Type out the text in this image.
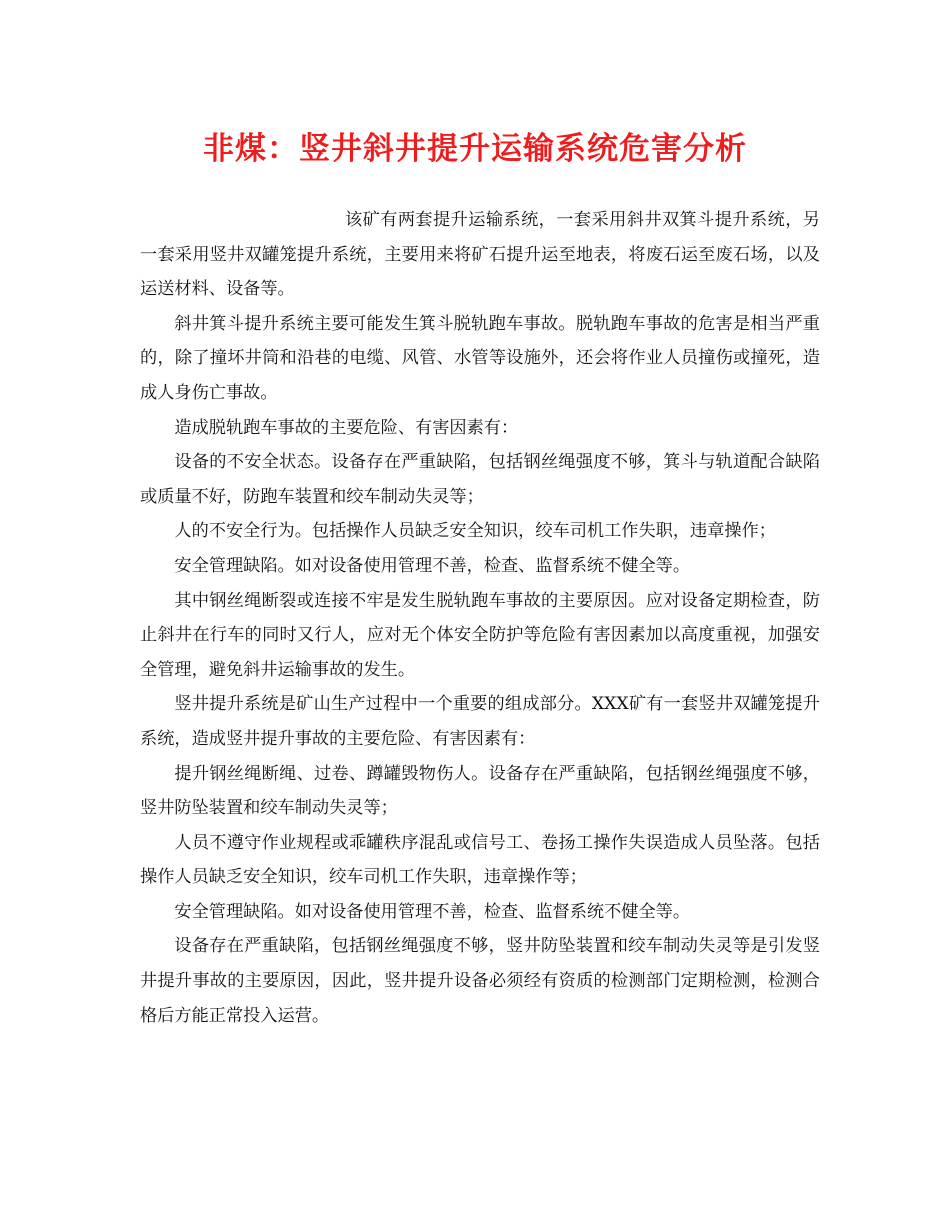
非煤：竖井斜井提升运输系统危害分析

该矿有两套提升运输系统，一套采用斜井双箕斗提升系统，另一套采用竖井双罐笼提升系统，主要用来将矿石提升运至地表，将废石运至废石场，以及运送材料、设备等。

斜井箕斗提升系统主要可能发生箕斗脱轨跑车事故。脱轨跑车事故的危害是相当严重的，除了撞坏井筒和沿巷的电缆、风管、水管等设施外，还会将作业人员撞伤或撞死，造成人身伤亡事故。

造成脱轨跑车事故的主要危险、有害因素有：

设备的不安全状态。设备存在严重缺陷，包括钢丝绳强度不够，箕斗与轨道配合缺陷或质量不好，防跑车装置和绞车制动失灵等；

人的不安全行为。包括操作人员缺乏安全知识，绞车司机工作失职，违章操作；

安全管理缺陷。如对设备使用管理不善，检查、监督系统不健全等。

其中钢丝绳断裂或连接不牢是发生脱轨跑车事故的主要原因。应对设备定期检查，防止斜井在行车的同时又行人，应对无个体安全防护等危险有害因素加以高度重视，加强安全管理，避免斜井运输事故的发生。

竖井提升系统是矿山生产过程中一个重要的组成部分。XXX矿有一套竖井双罐笼提升系统，造成竖井提升事故的主要危险、有害因素有：

提升钢丝绳断绳、过卷、蹲罐毁物伤人。设备存在严重缺陷，包括钢丝绳强度不够，竖井防坠装置和绞车制动失灵等；

人员不遵守作业规程或乖罐秩序混乱或信号工、卷扬工操作失误造成人员坠落。包括操作人员缺乏安全知识，绞车司机工作失职，违章操作等；

安全管理缺陷。如对设备使用管理不善，检查、监督系统不健全等。

设备存在严重缺陷，包括钢丝绳强度不够，竖井防坠装置和绞车制动失灵等是引发竖井提升事故的主要原因，因此，竖井提升设备必须经有资质的检测部门定期检测，检测合格后方能正常投入运营。
